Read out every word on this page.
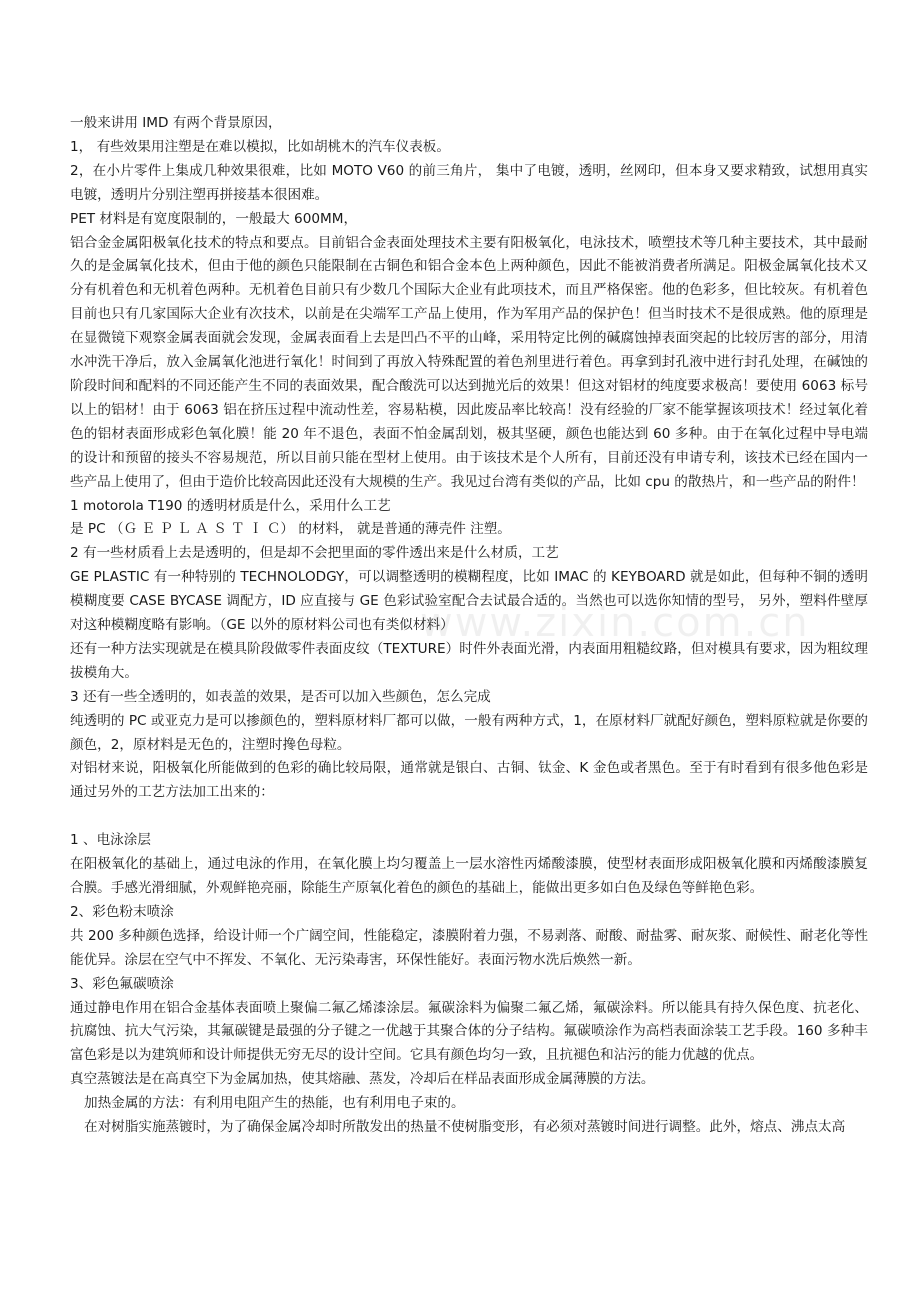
www.zixin.com.cn

一般来讲用 IMD 有两个背景原因，

1， 有些效果用注塑是在难以模拟，比如胡桃木的汽车仪表板。

2，在小片零件上集成几种效果很难，比如 MOTO V60 的前三角片， 集中了电镀，透明，丝网印，但本身又要求精致，试想用真实电镀，透明片分别注塑再拼接基本很困难。

PET 材料是有宽度限制的，一般最大 600MM，

铝合金金属阳极氧化技术的特点和要点。目前铝合金表面处理技术主要有阳极氧化，电泳技术，喷塑技术等几种主要技术，其中最耐久的是金属氧化技术，但由于他的颜色只能限制在古铜色和铝合金本色上两种颜色，因此不能被消费者所满足。阳极金属氧化技术又分有机着色和无机着色两种。无机着色目前只有少数几个国际大企业有此项技术，而且严格保密。他的色彩多，但比较灰。有机着色目前也只有几家国际大企业有次技术，以前是在尖端军工产品上使用，作为军用产品的保护色！但当时技术不是很成熟。他的原理是在显微镜下观察金属表面就会发现，金属表面看上去是凹凸不平的山峰，采用特定比例的碱腐蚀掉表面突起的比较厉害的部分，用清水冲洗干净后，放入金属氧化池进行氧化！时间到了再放入特殊配置的着色剂里进行着色。再拿到封孔液中进行封孔处理，在碱蚀的阶段时间和配料的不同还能产生不同的表面效果，配合酸洗可以达到抛光后的效果！但这对铝材的纯度要求极高！要使用 6063 标号以上的铝材！由于 6063 铝在挤压过程中流动性差，容易粘模，因此废品率比较高！没有经验的厂家不能掌握该项技术！经过氧化着色的铝材表面形成彩色氧化膜！能 20 年不退色，表面不怕金属刮划，极其坚硬，颜色也能达到 60 多种。由于在氧化过程中导电端的设计和预留的接头不容易规范，所以目前只能在型材上使用。由于该技术是个人所有，目前还没有申请专利，该技术已经在国内一些产品上使用了，但由于造价比较高因此还没有大规模的生产。我见过台湾有类似的产品，比如 cpu 的散热片，和一些产品的附件！

1 motorola T190 的透明材质是什么，采用什么工艺

是 PC （Ｇ Ｅ Ｐ Ｌ Ａ Ｓ Ｔ Ｉ Ｃ） 的材料， 就是普通的薄壳件 注塑。

2 有一些材质看上去是透明的，但是却不会把里面的零件透出来是什么材质，工艺

GE PLASTIC 有一种特别的 TECHNOLODGY，可以调整透明的模糊程度，比如 IMAC 的 KEYBOARD 就是如此，但每种不铜的透明模糊度要 CASE BYCASE 调配方，ID 应直接与 GE 色彩试验室配合去试最合适的。当然也可以选你知情的型号， 另外，塑料件壁厚对这种模糊度略有影响。（GE 以外的原材料公司也有类似材料）

还有一种方法实现就是在模具阶段做零件表面皮纹（TEXTURE）时件外表面光滑，内表面用粗糙纹路，但对模具有要求，因为粗纹理拔模角大。

3 还有一些全透明的，如表盖的效果，是否可以加入些颜色，怎么完成

纯透明的 PC 或亚克力是可以掺颜色的，塑料原材料厂都可以做，一般有两种方式，1，在原材料厂就配好颜色，塑料原粒就是你要的颜色，2，原材料是无色的，注塑时搀色母粒。

对铝材来说，阳极氧化所能做到的色彩的确比较局限，通常就是银白、古铜、钛金、K 金色或者黑色。至于有时看到有很多他色彩是通过另外的工艺方法加工出来的：

1 、电泳涂层

在阳极氧化的基础上，通过电泳的作用，在氧化膜上均匀覆盖上一层水溶性丙烯酸漆膜，使型材表面形成阳极氧化膜和丙烯酸漆膜复合膜。手感光滑细腻，外观鲜艳亮丽，除能生产原氧化着色的颜色的基础上，能做出更多如白色及绿色等鲜艳色彩。

2、彩色粉末喷涂

共 200 多种颜色选择，给设计师一个广阔空间，性能稳定，漆膜附着力强，不易剥落、耐酸、耐盐雾、耐灰浆、耐候性、耐老化等性能优异。涂层在空气中不挥发、不氧化、无污染毒害，环保性能好。表面污物水洗后焕然一新。

3、彩色氟碳喷涂

通过静电作用在铝合金基体表面喷上聚偏二氟乙烯漆涂层。氟碳涂料为偏聚二氟乙烯，氟碳涂料。所以能具有持久保色度、抗老化、抗腐蚀、抗大气污染，其氟碳键是最强的分子键之一优越于其聚合体的分子结构。氟碳喷涂作为高档表面涂装工艺手段。160 多种丰富色彩是以为建筑师和设计师提供无穷无尽的设计空间。它具有颜色均匀一致，且抗褪色和沾污的能力优越的优点。

真空蒸镀法是在高真空下为金属加热，使其熔融、蒸发，冷却后在样品表面形成金属薄膜的方法。

加热金属的方法：有利用电阻产生的热能，也有利用电子束的。

在对树脂实施蒸镀时，为了确保金属冷却时所散发出的热量不使树脂变形，有必须对蒸镀时间进行调整。此外，熔点、沸点太高
